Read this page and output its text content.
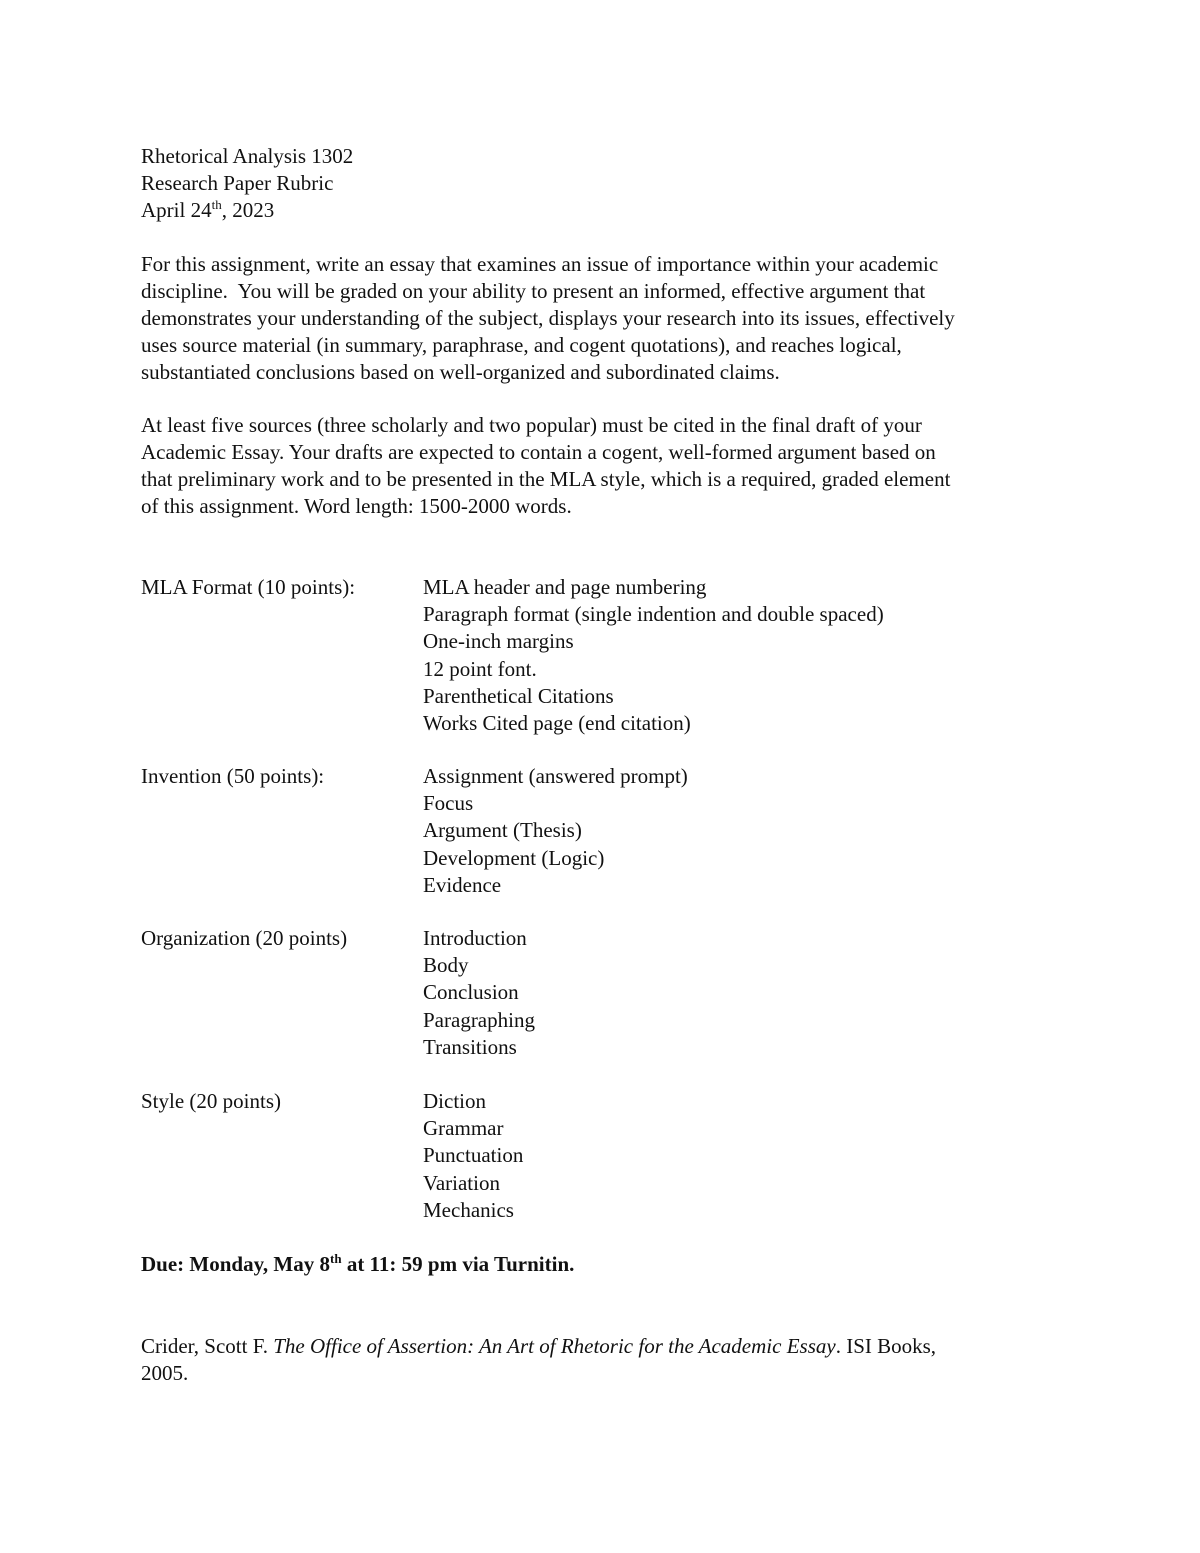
Rhetorical Analysis 1302
Research Paper Rubric
April 24th, 2023
For this assignment, write an essay that examines an issue of importance within your academic
discipline.  You will be graded on your ability to present an informed, effective argument that
demonstrates your understanding of the subject, displays your research into its issues, effectively
uses source material (in summary, paraphrase, and cogent quotations), and reaches logical,
substantiated conclusions based on well-organized and subordinated claims.
At least five sources (three scholarly and two popular) must be cited in the final draft of your
Academic Essay. Your drafts are expected to contain a cogent, well-formed argument based on
that preliminary work and to be presented in the MLA style, which is a required, graded element
of this assignment. Word length: 1500-2000 words.
MLA Format (10 points):	MLA header and page numbering
Paragraph format (single indention and double spaced)
One-inch margins
12 point font.
Parenthetical Citations
Works Cited page (end citation)
Invention (50 points):	Assignment (answered prompt)
Focus
Argument (Thesis)
Development (Logic)
Evidence
Organization (20 points)	Introduction
Body
Conclusion
Paragraphing
Transitions
Style (20 points)	Diction
Grammar
Punctuation
Variation
Mechanics
Due: Monday, May 8th at 11: 59 pm via Turnitin.
Crider, Scott F. The Office of Assertion: An Art of Rhetoric for the Academic Essay. ISI Books,
2005.
